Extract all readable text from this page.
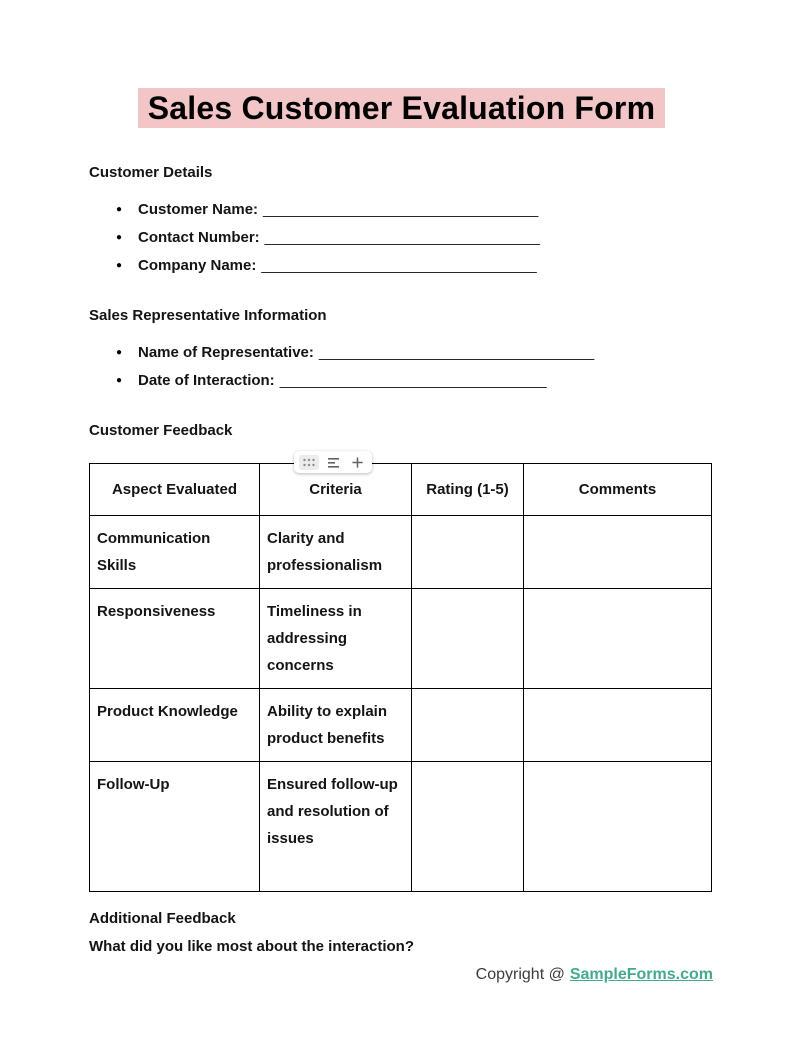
Sales Customer Evaluation Form
Customer Details
● Customer Name: _________________________________
● Contact Number: _________________________________
● Company Name: _________________________________
Sales Representative Information
● Name of Representative: _________________________________
● Date of Interaction: ________________________________
Customer Feedback
Aspect Evaluated	Criteria	Rating (1-5)	Comments
Communication Skills	Clarity and professionalism		
Responsiveness	Timeliness in addressing concerns		
Product Knowledge	Ability to explain product benefits		
Follow-Up	Ensured follow-up and resolution of issues		
Additional Feedback
What did you like most about the interaction?
Copyright @ SampleForms.com
